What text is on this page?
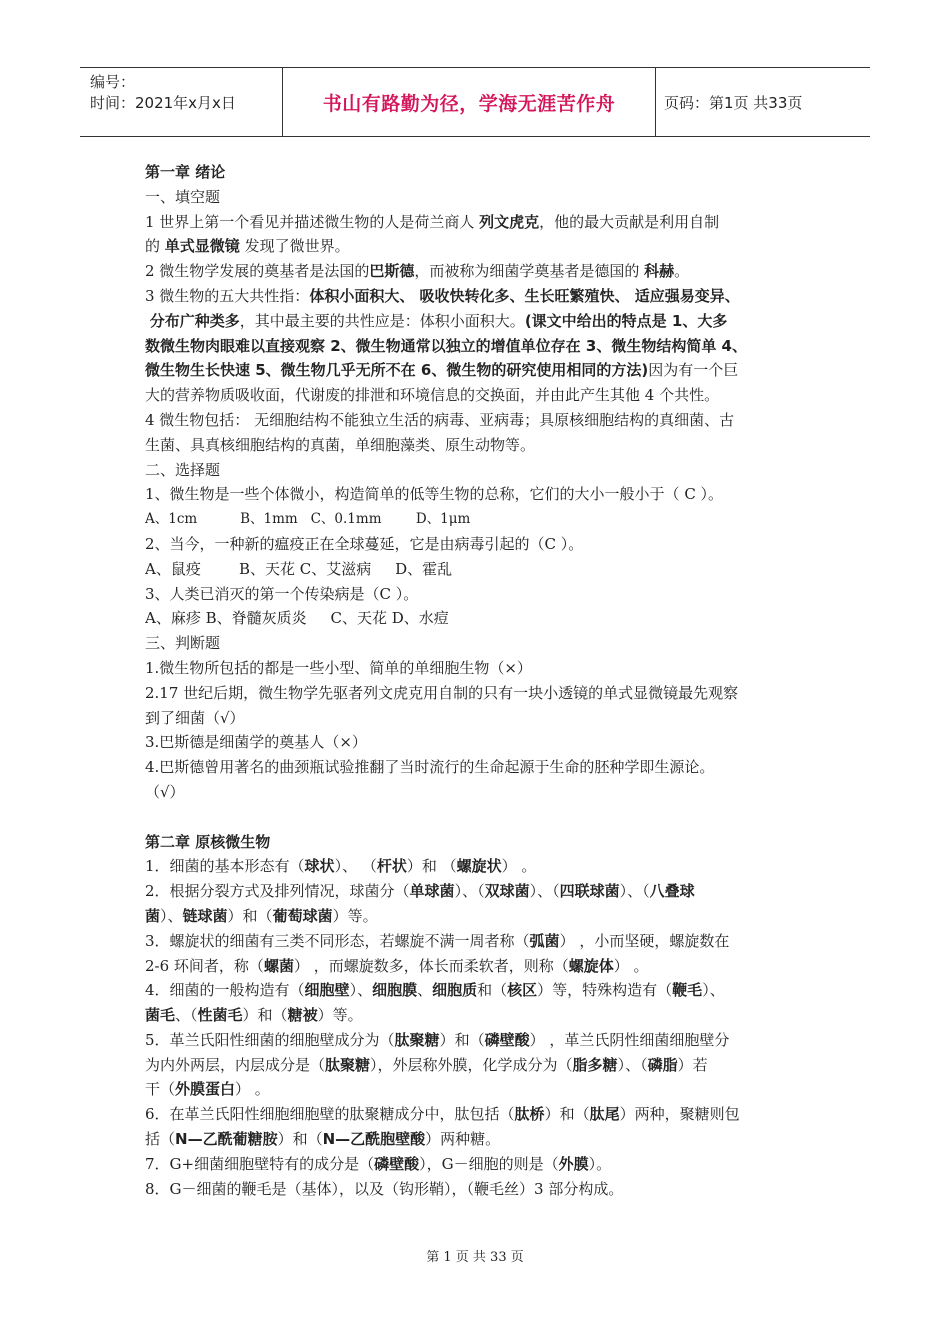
编号：
时间：2021年x月x日	书山有路勤为径，学海无涯苦作舟	页码：第1页 共33页
第一章 绪论
一、填空题
1 世界上第一个看见并描述微生物的人是荷兰商人 列文虎克，他的最大贡献是利用自制
的 单式显微镜 发现了微世界。
2 微生物学发展的奠基者是法国的巴斯德，而被称为细菌学奠基者是德国的 科赫。
3 微生物的五大共性指：体积小面积大、 吸收快转化多、生长旺繁殖快、 适应强易变异、
分布广种类多，其中最主要的共性应是：体积小面积大。(课文中给出的特点是 1、大多
数微生物肉眼难以直接观察 2、微生物通常以独立的增值单位存在 3、微生物结构简单 4、
微生物生长快速 5、微生物几乎无所不在 6、微生物的研究使用相同的方法)因为有一个巨
大的营养物质吸收面，代谢废的排泄和环境信息的交换面，并由此产生其他 4 个共性。
4 微生物包括： 无细胞结构不能独立生活的病毒、亚病毒；具原核细胞结构的真细菌、古
生菌、具真核细胞结构的真菌，单细胞藻类、原生动物等。
二、选择题
1、微生物是一些个体微小，构造简单的低等生物的总称，它们的大小一般小于（ C ）。
A、1cm          B、1mm   C、0.1mm        D、1μm
2、当今，一种新的瘟疫正在全球蔓延，它是由病毒引起的（C ）。
A、鼠疫        B、天花 C、艾滋病     D、霍乱
3、人类已消灭的第一个传染病是（C ）。
A、麻疹 B、脊髓灰质炎     C、天花 D、水痘
三、判断题
1.微生物所包括的都是一些小型、简单的单细胞生物（×）
2.17 世纪后期，微生物学先驱者列文虎克用自制的只有一块小透镜的单式显微镜最先观察
到了细菌（√）
3.巴斯德是细菌学的奠基人（×）
4.巴斯德曾用著名的曲颈瓶试验推翻了当时流行的生命起源于生命的胚种学即生源论。
（√）
第二章 原核微生物
1．细菌的基本形态有（球状）、 （杆状）和 （螺旋状） 。
2．根据分裂方式及排列情况，球菌分（单球菌）、（双球菌）、（四联球菌）、（八叠球
菌）、链球菌）和（葡萄球菌）等。
3．螺旋状的细菌有三类不同形态，若螺旋不满一周者称（弧菌） ，小而坚硬，螺旋数在
2-6 环间者，称（螺菌） ，而螺旋数多，体长而柔软者，则称（螺旋体） 。
4．细菌的一般构造有（细胞壁）、细胞膜、细胞质和（核区）等，特殊构造有（鞭毛）、
菌毛、（性菌毛）和（糖被）等。
5．革兰氏阳性细菌的细胞壁成分为（肽聚糖）和（磷壁酸） ，革兰氏阴性细菌细胞壁分
为内外两层，内层成分是（肽聚糖），外层称外膜，化学成分为（脂多糖）、（磷脂）若
干（外膜蛋白） 。
6．在革兰氏阳性细胞细胞壁的肽聚糖成分中，肽包括（肽桥）和（肽尾）两种，聚糖则包
括（N—乙酰葡糖胺）和（N—乙酰胞壁酸）两种糖。
7．G+细菌细胞壁特有的成分是（磷壁酸），G－细胞的则是（外膜）。
8．G－细菌的鞭毛是（基体），以及（钩形鞘），（鞭毛丝）3 部分构成。
第 1 页 共 33 页
